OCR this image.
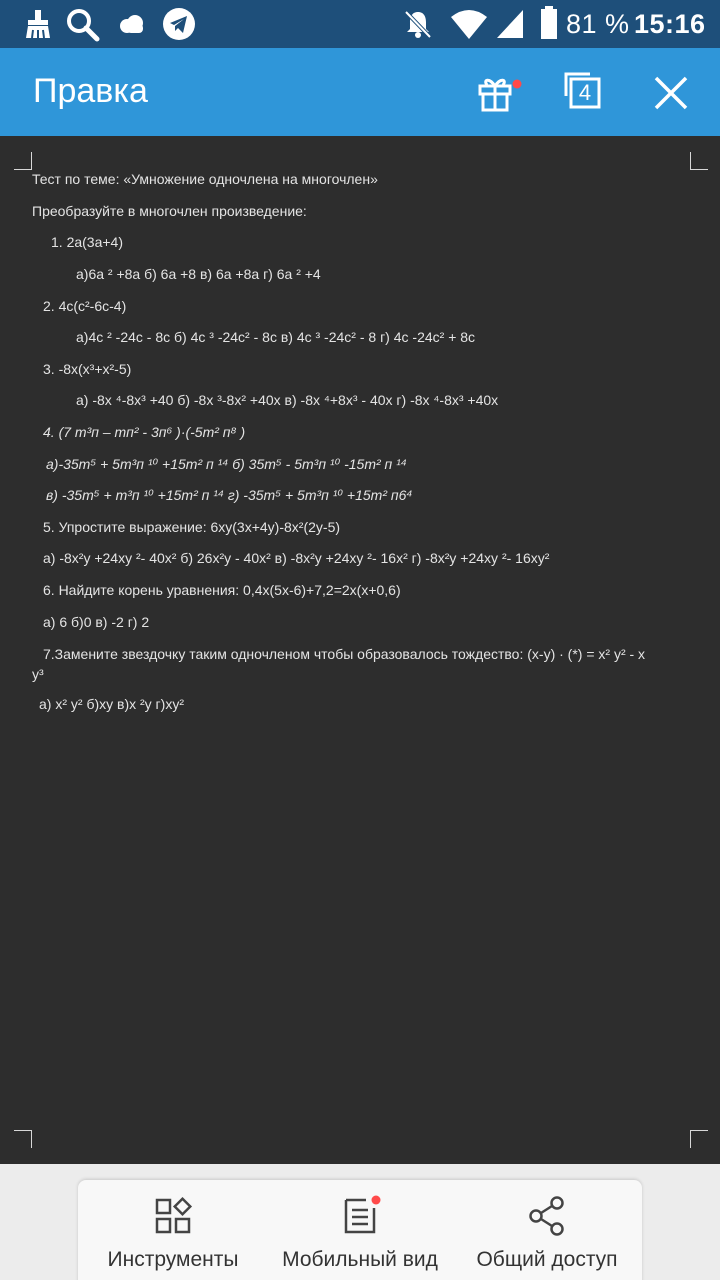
81 % 15:16
Правка	4
Тест по теме: «Умножение одночлена на многочлен»
Преобразуйте в многочлен произведение:
1. 2а(3а+4)
а)6а ² +8а б) 6а +8 в) 6а +8а г) 6а ² +4
2. 4с(с²-6с-4)
а)4с ² -24с - 8с б) 4с ³ -24с² - 8с в) 4с ³ -24с² - 8 г) 4с -24с² + 8с
3. -8х(х³+х²-5)
а) -8х ⁴-8х³ +40 б) -8х ³-8х² +40х в) -8х ⁴+8х³ - 40х г) -8х ⁴-8х³ +40х
4. (7 т³п – тп² - 3п⁶ )·(-5т² п⁸ )
а)-35т⁵ + 5т³п ¹⁰ +15т² п ¹⁴ б) 35т⁵ - 5т³п ¹⁰ -15т² п ¹⁴
в) -35т⁵ + т³п ¹⁰ +15т² п ¹⁴ г) -35т⁵ + 5т³п ¹⁰ +15т² п6⁴
5. Упростите выражение: 6ху(3х+4у)-8х²(2у-5)
а) -8х²у +24ху ²- 40х² б) 26х²у - 40х² в) -8х²у +24ху ²- 16х² г) -8х²у +24ху ²- 16ху²
6. Найдите корень уравнения: 0,4х(5х-6)+7,2=2х(х+0,6)
а) 6 б)0 в) -2 г) 2
7.Замените звездочку таким одночленом чтобы образовалось тождество: (х-у) · (*) = х² у² - х
у³
а) х² у² б)ху в)х ²у г)ху²
Инструменты	Мобильный вид	Общий доступ
